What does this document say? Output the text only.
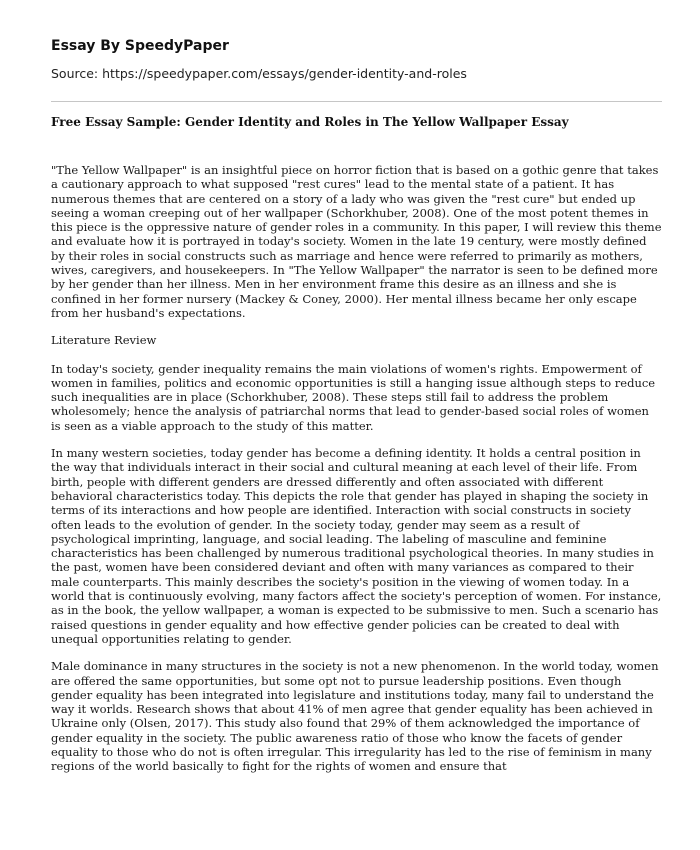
Essay By SpeedyPaper

Source: https://speedypaper.com/essays/gender-identity-and-roles

Free Essay Sample: Gender Identity and Roles in The Yellow Wallpaper Essay

"The Yellow Wallpaper" is an insightful piece on horror fiction that is based on a gothic genre that takes a cautionary approach to what supposed "rest cures" lead to the mental state of a patient. It has numerous themes that are centered on a story of a lady who was given the "rest cure" but ended up seeing a woman creeping out of her wallpaper (Schorkhuber, 2008). One of the most potent themes in this piece is the oppressive nature of gender roles in a community. In this paper, I will review this theme and evaluate how it is portrayed in today's society. Women in the late 19 century, were mostly defined by their roles in social constructs such as marriage and hence were referred to primarily as mothers, wives, caregivers, and housekeepers. In "The Yellow Wallpaper" the narrator is seen to be defined more by her gender than her illness. Men in her environment frame this desire as an illness and she is confined in her former nursery (Mackey & Coney, 2000). Her mental illness became her only escape from her husband's expectations.

Literature Review

In today's society, gender inequality remains the main violations of women's rights. Empowerment of women in families, politics and economic opportunities is still a hanging issue although steps to reduce such inequalities are in place (Schorkhuber, 2008). These steps still fail to address the problem wholesomely; hence the analysis of patriarchal norms that lead to gender-based social roles of women is seen as a viable approach to the study of this matter.

In many western societies, today gender has become a defining identity. It holds a central position in the way that individuals interact in their social and cultural meaning at each level of their life. From birth, people with different genders are dressed differently and often associated with different behavioral characteristics today. This depicts the role that gender has played in shaping the society in terms of its interactions and how people are identified. Interaction with social constructs in society often leads to the evolution of gender. In the society today, gender may seem as a result of psychological imprinting, language, and social leading. The labeling of masculine and feminine characteristics has been challenged by numerous traditional psychological theories. In many studies in the past, women have been considered deviant and often with many variances as compared to their male counterparts. This mainly describes the society's position in the viewing of women today. In a world that is continuously evolving, many factors affect the society's perception of women. For instance, as in the book, the yellow wallpaper, a woman is expected to be submissive to men. Such a scenario has raised questions in gender equality and how effective gender policies can be created to deal with unequal opportunities relating to gender.

Male dominance in many structures in the society is not a new phenomenon. In the world today, women are offered the same opportunities, but some opt not to pursue leadership positions. Even though gender equality has been integrated into legislature and institutions today, many fail to understand the way it worlds. Research shows that about 41% of men agree that gender equality has been achieved in Ukraine only (Olsen, 2017). This study also found that 29% of them acknowledged the importance of gender equality in the society. The public awareness ratio of those who know the facets of gender equality to those who do not is often irregular. This irregularity has led to the rise of feminism in many regions of the world basically to fight for the rights of women and ensure that
